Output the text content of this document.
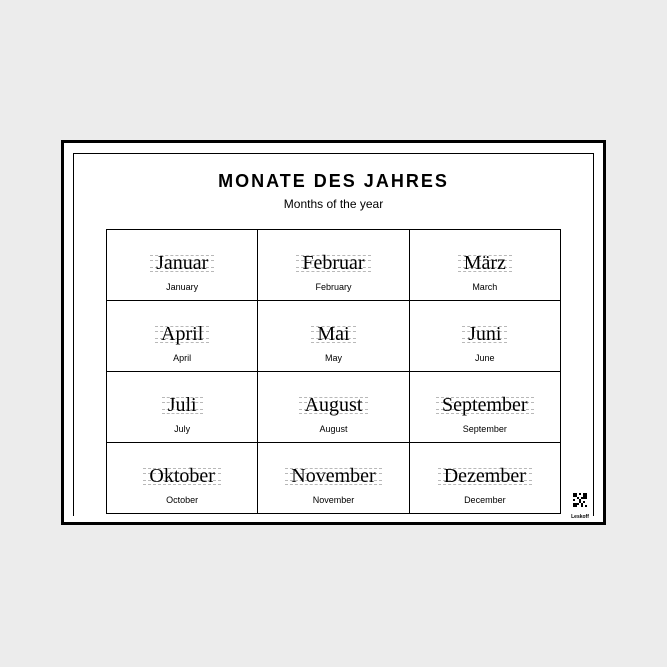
MONATE DES JAHRES
Months of the year
Januar
January
Februar
February
März
March
April
April
Mai
May
Juni
June
Juli
July
August
August
September
September
Oktober
October
November
November
Dezember
December
Leskoff
